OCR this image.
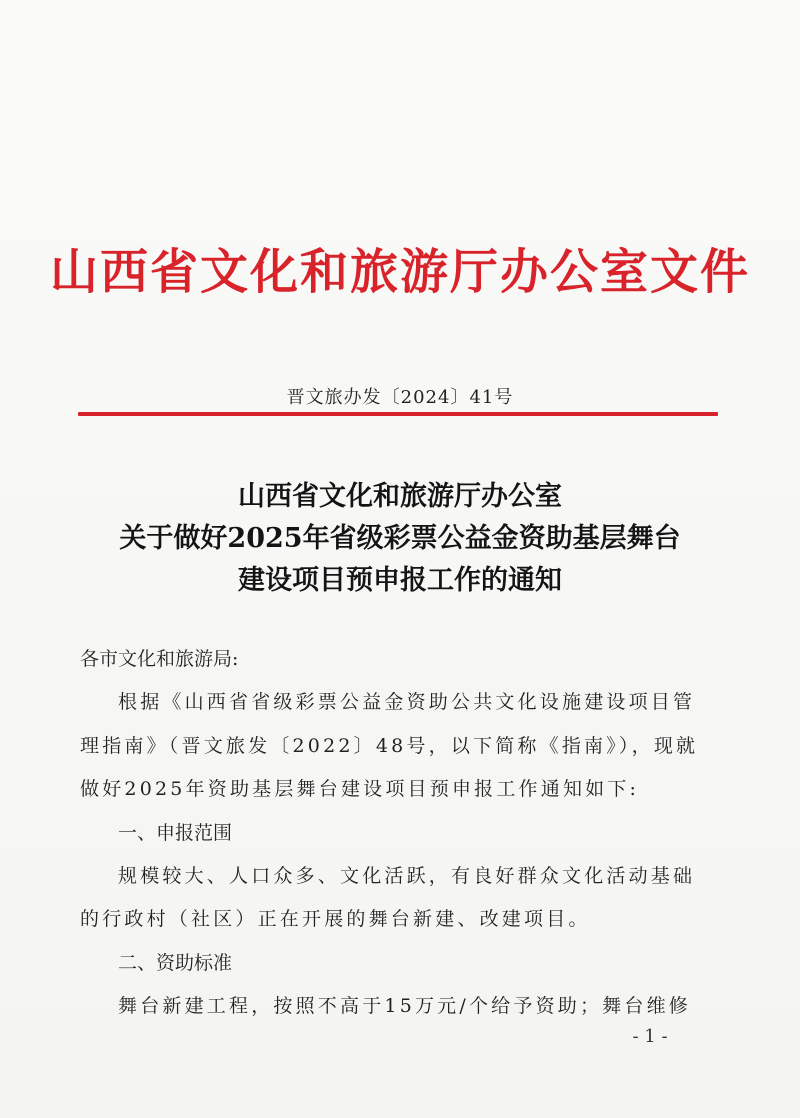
山西省文化和旅游厅办公室文件
晋文旅办发〔2024〕41号
山西省文化和旅游厅办公室
关于做好2025年省级彩票公益金资助基层舞台
建设项目预申报工作的通知

各市文化和旅游局:

根据《山西省省级彩票公益金资助公共文化设施建设项目管

理指南》（晋文旅发〔2022〕48号，以下简称《指南》），现就

做好2025年资助基层舞台建设项目预申报工作通知如下:

一、申报范围

规模较大、人口众多、文化活跃，有良好群众文化活动基础

的行政村（社区）正在开展的舞台新建、改建项目。

二、资助标准

舞台新建工程，按照不高于15万元/个给予资助；舞台维修

- 1 -
